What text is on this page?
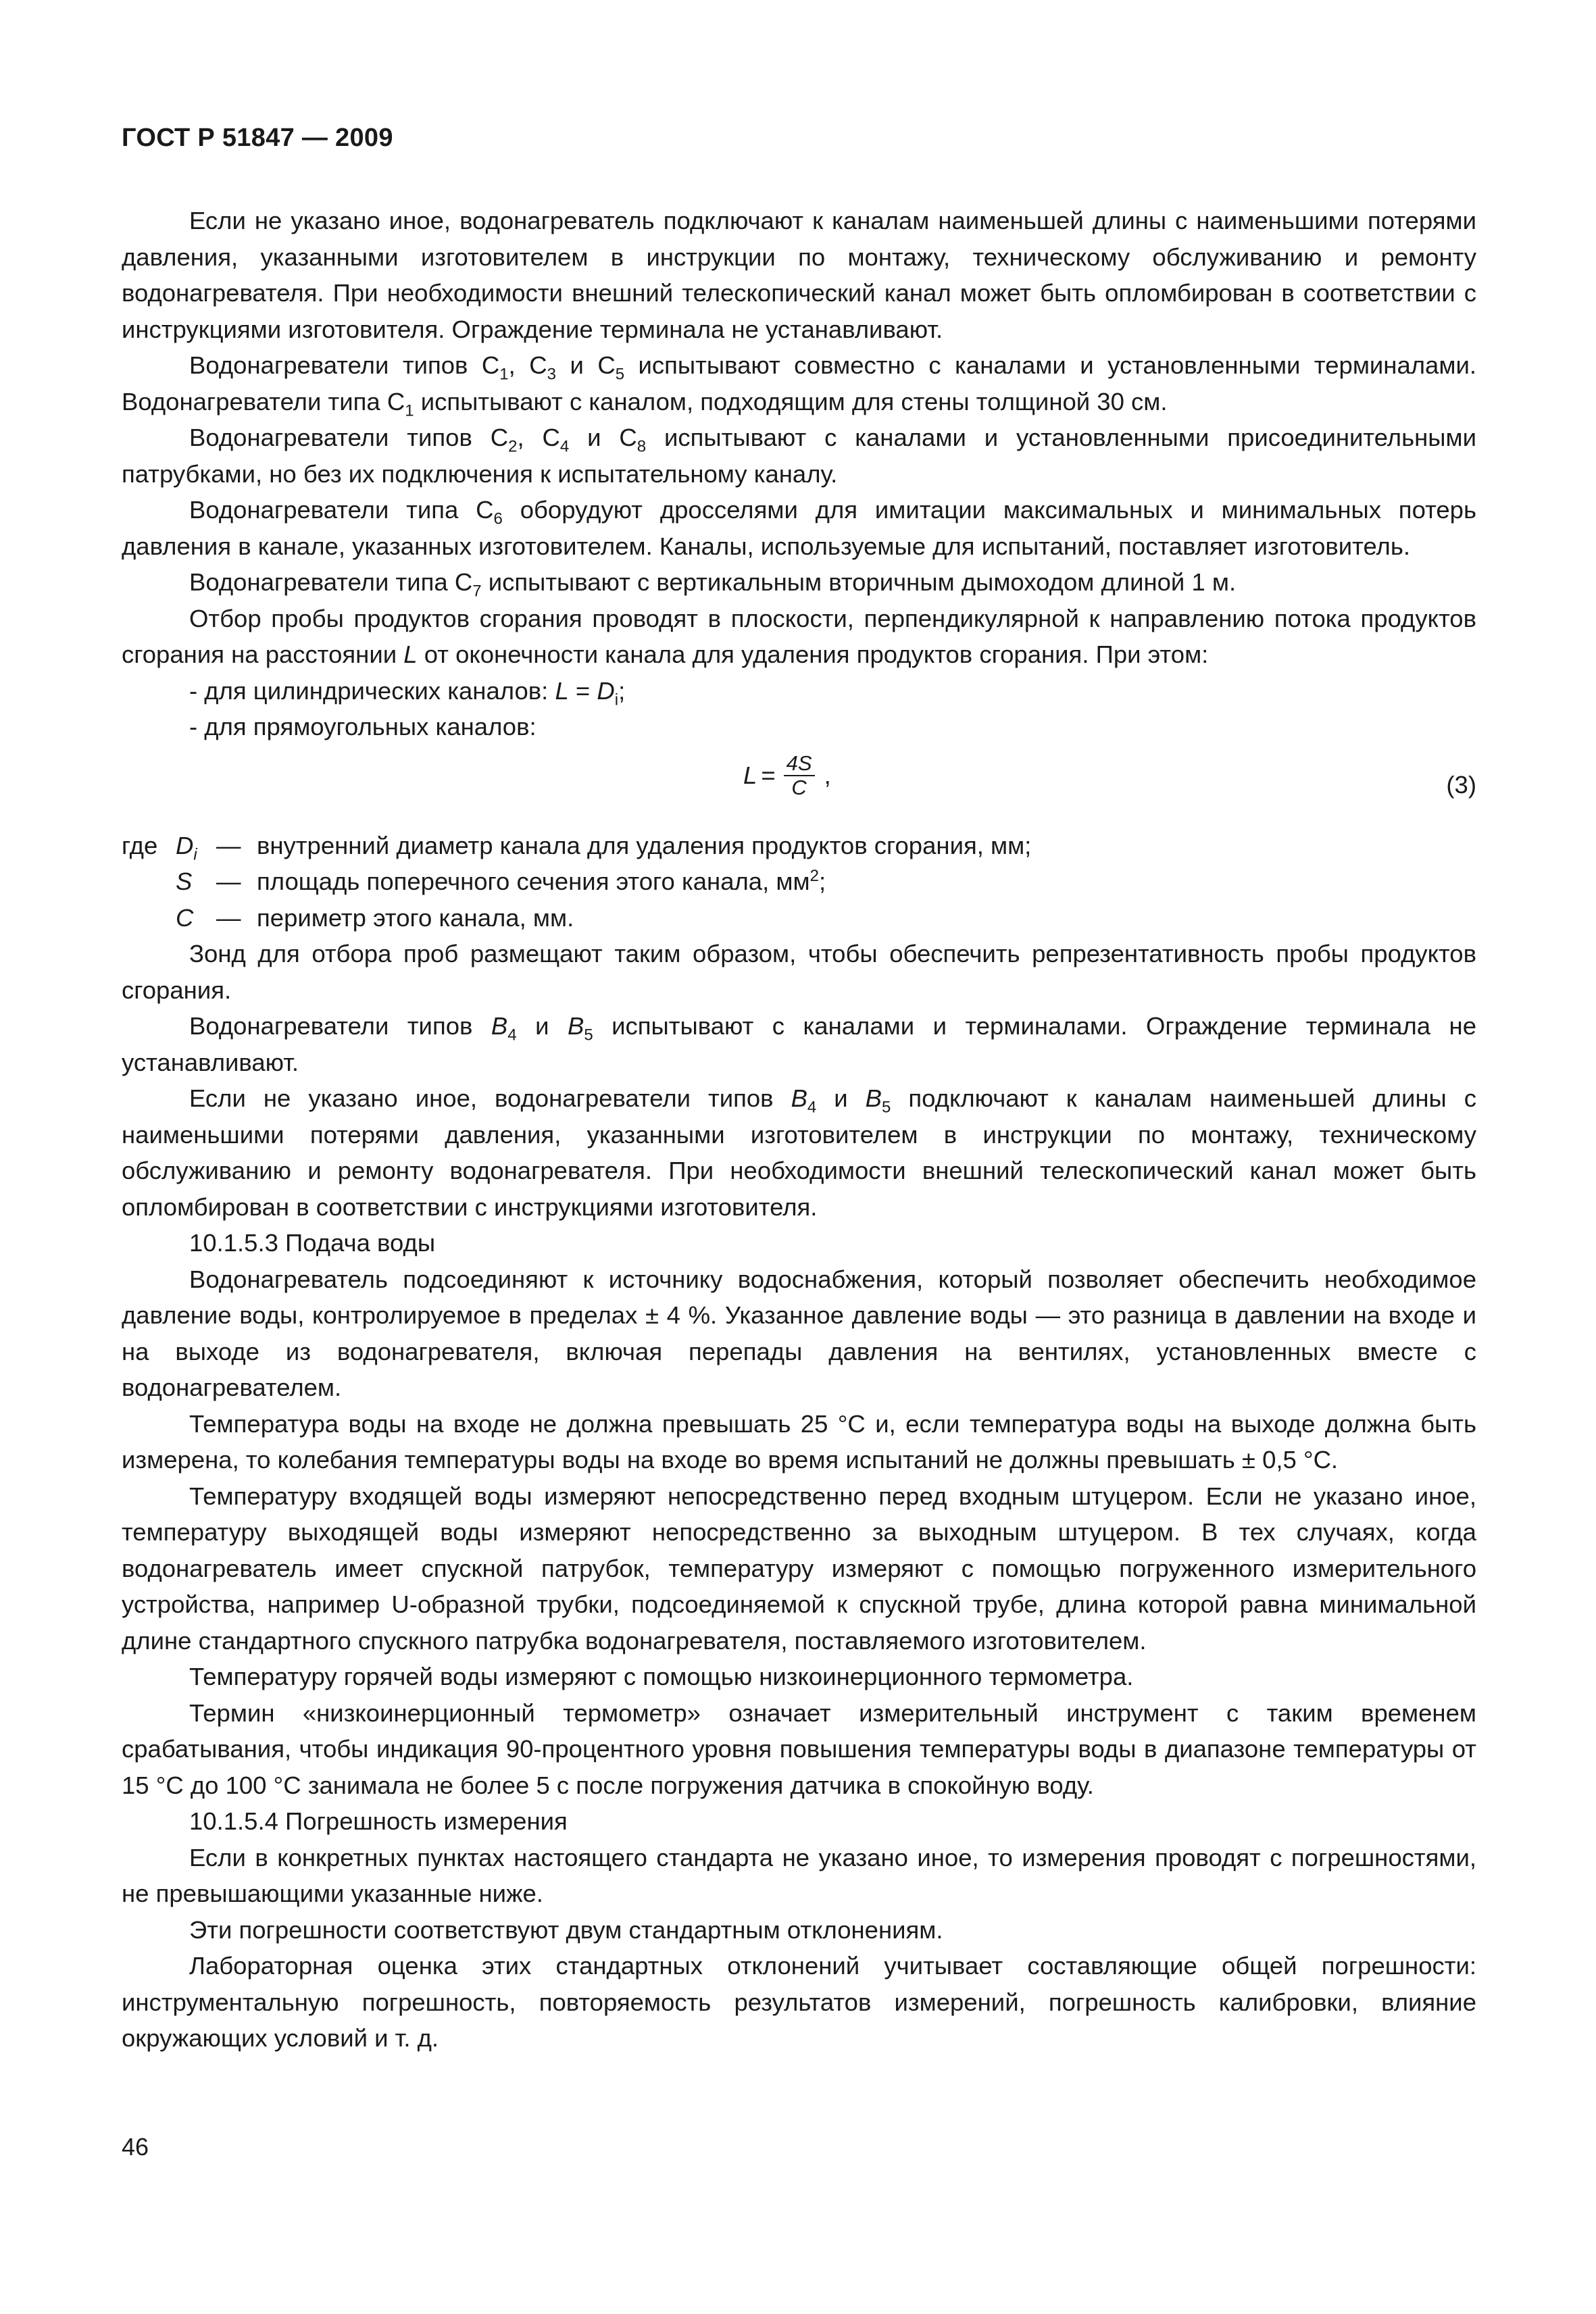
ГОСТ Р 51847 — 2009

Если не указано иное, водонагреватель подключают к каналам наименьшей длины с наименьшими потерями давления, указанными изготовителем в инструкции по монтажу, техническому обслуживанию и ремонту водонагревателя. При необходимости внешний телескопический канал может быть опломбирован в соответствии с инструкциями изготовителя. Ограждение терминала не устанавливают.

Водонагреватели типов $С_1$, $С_3$ и $С_5$ испытывают совместно с каналами и установленными терминалами. Водонагреватели типа $С_1$ испытывают с каналом, подходящим для стены толщиной 30 см.

Водонагреватели типов $С_2$, $С_4$ и $С_8$ испытывают с каналами и установленными присоединительными патрубками, но без их подключения к испытательному каналу.

Водонагреватели типа $С_6$ оборудуют дросселями для имитации максимальных и минимальных потерь давления в канале, указанных изготовителем. Каналы, используемые для испытаний, поставляет изготовитель.

Водонагреватели типа $С_7$ испытывают с вертикальным вторичным дымоходом длиной 1 м.

Отбор пробы продуктов сгорания проводят в плоскости, перпендикулярной к направлению потока продуктов сгорания на расстоянии L от оконечности канала для удаления продуктов сгорания. При этом:

- для цилиндрических каналов: $L = D_i$;

- для прямоугольных каналов:

$L = \frac{4S}{C}$ ,	(3)
где $D_i$ — внутренний диаметр канала для удаления продуктов сгорания, мм;
S — площадь поперечного сечения этого канала, $мм^2$;
C — периметр этого канала, мм.

Зонд для отбора проб размещают таким образом, чтобы обеспечить репрезентативность пробы продуктов сгорания.

Водонагреватели типов $B_4$ и $B_5$ испытывают с каналами и терминалами. Ограждение терминала не устанавливают.

Если не указано иное, водонагреватели типов $B_4$ и $B_5$ подключают к каналам наименьшей длины с наименьшими потерями давления, указанными изготовителем в инструкции по монтажу, техническому обслуживанию и ремонту водонагревателя. При необходимости внешний телескопический канал может быть опломбирован в соответствии с инструкциями изготовителя.

10.1.5.3 Подача воды

Водонагреватель подсоединяют к источнику водоснабжения, который позволяет обеспечить необходимое давление воды, контролируемое в пределах ± 4 %. Указанное давление воды — это разница в давлении на входе и на выходе из водонагревателя, включая перепады давления на вентилях, установленных вместе с водонагревателем.

Температура воды на входе не должна превышать 25 °С и, если температура воды на выходе должна быть измерена, то колебания температуры воды на входе во время испытаний не должны превышать ± 0,5 °С.

Температуру входящей воды измеряют непосредственно перед входным штуцером. Если не указано иное, температуру выходящей воды измеряют непосредственно за выходным штуцером. В тех случаях, когда водонагреватель имеет спускной патрубок, температуру измеряют с помощью погруженного измерительного устройства, например U-образной трубки, подсоединяемой к спускной трубе, длина которой равна минимальной длине стандартного спускного патрубка водонагревателя, поставляемого изготовителем.

Температуру горячей воды измеряют с помощью низкоинерционного термометра.

Термин «низкоинерционный термометр» означает измерительный инструмент с таким временем срабатывания, чтобы индикация 90-процентного уровня повышения температуры воды в диапазоне температуры от 15 °С до 100 °С занимала не более 5 с после погружения датчика в спокойную воду.

10.1.5.4 Погрешность измерения

Если в конкретных пунктах настоящего стандарта не указано иное, то измерения проводят с погрешностями, не превышающими указанные ниже.

Эти погрешности соответствуют двум стандартным отклонениям.

Лабораторная оценка этих стандартных отклонений учитывает составляющие общей погрешности: инструментальную погрешность, повторяемость результатов измерений, погрешность калибровки, влияние окружающих условий и т. д.

46
